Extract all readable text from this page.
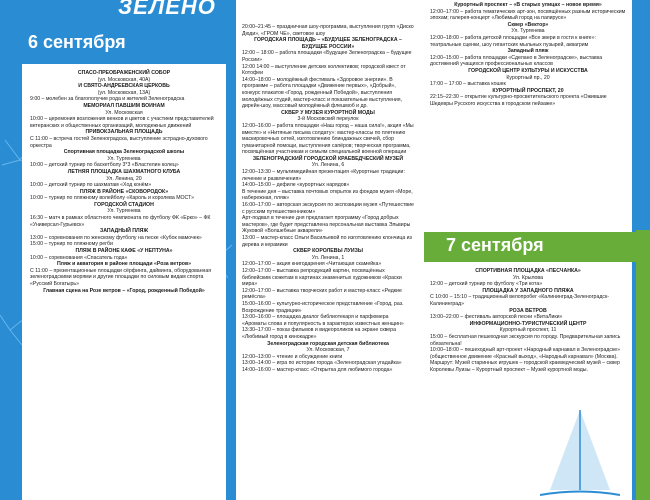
ЗЕЛЕНО
6 сентября

СПАСО-ПРЕОБРАЖЕНСКИЙ СОБОР

(ул. Московская, 40А)

И СВЯТО-АНДРЕЕВСКАЯ ЦЕРКОВЬ

(ул. Московская, 13А)

9:00 – молебен за благополучие рода и жителей Зеленоградска

МЕМОРИАЛ ПАВШИМ ВОИНАМ

Ул. Московская

10:00 – церемония возложения венков и цветов с участием представителей ветеранских и общественных организаций, молодежных движений

ПРИВОКЗАЛЬНАЯ ПЛОЩАДЬ

С 11:00 – встреча гостей Зеленоградска, выступление эстрадно-духового оркестра

Спортивная площадка Зеленоградской школы

Ул. Тургенева

10:00 – детский турнир по баскетболу 3*3 «Властелин колец»

ЛЕТНЯЯ ПЛОЩАДКА ШАХМАТНОГО КЛУБА

Ул. Ленина, 20

10:00 – детский турнир по шахматам «Ход конём»

ПЛЯЖ В РАЙОНЕ «СКОВОРОДОК»

10:00 – турнир по пляжному волейболу «Кароль и королева МОСТ»

ГОРОДСКОЙ СТАДИОН

Ул. Тургенева

16:30 – матч в рамках областного чемпионата по футболу ФК «Ерко» – ФК «Универсал-Гурьевск»

ЗАПАДНЫЙ ПЛЯЖ

13:00 – соревнования по женскому футболу на песке «Кубок мамочек»

15:00 – турнир по пляжному регби

ПЛЯЖ В РАЙОНЕ КАФЕ «У НЕПТУНА»

10:00 – соревнования «Спасатель года»

Пляж и акватория в районе площади «Роза ветров»

С 11:00 – презентационные площадки сёрфинга, дайвинга, оборудованная зеленоградскими морями и другие площадки по силовым видам спорта «Русский Богатырь»

Главная сцена на Розе ветров – «Город, рожденный Победой»

20:00–21:45 – праздничная шоу-программа, выступления групп «Диско Дюди», «ГРОМ ЧЕ», световое шоу

ГОРОДСКАЯ ПЛОЩАДЬ – «БУДУЩЕЕ ЗЕЛЕНОГРАДСКА – БУДУЩЕЕ РОССИИ»

12:00 – 18:00 – работа площадки «Будущее Зеленоградска – будущее России»

12:00 14:00 – выступление детских коллективов; городской квест от Котофеи

14:00–18:00 – молодёжный фестиваль «Здоровое энергии». В программе – работа площадки «Движение первых», «Добрый», конкурс плакатов «Город, рожденный Победой», выступления молодёжных студий, мастер-класс и показательные выступления, дирейн-шоу, массовый молодёжный флешмоб и др.

СКВЕР У МУЗЕЯ КУРОРТНОЙ МОДЫ

3-й Московский переулок

12:00–16:00 – работа площадки «Наш город – наша сила!», акция «Мы вместе» и «Нитяные письма солдату»: мастер-классы по плетению маскировочных сетей, изготовлению блиндажных свечей, сбор гуманитарной помощи, выступления сапёров; творческая программа, посвящённая участникам и семьям специальной военной операции

ЗЕЛЕНОГРАДСКИЙ ГОРОДСКОЙ КРАЕВЕДЧЕСКИЙ МУЗЕЙ

Ул. Ленина, 6

12:00–13:30 – мультимедийная презентация «Курортные традиции: лечение и развлечения»

14:00–15:00 – дефиле «курортных нарядов»

В течение дня – выставка почтовых открыток из фондов музея «Море, набережная, пляж»

16:00–17:00 – авторская экскурсия по экспозиции музея «Путешествие с русским путешественником»

Арт-подвал в течение дня предлагает программу «Город добрых мастеров», где будет представлена персональная выставка Эльвиры Жуковой «Волшебные акварели»

13:00 – мастер-класс Ольги Васильевой по изготовлению клончица из дерева и керамики

СКВЕР КОРОЛЕВЫ ЛУИЗЫ

Ул. Ленина, 1

12:00–17:00 – акция книгодарения «Читающая скамейка»

12:00–17:00 – выставка репродукций картин, посвящённых библейским сюжетам в картинах знаменитых художников «Краски мира»

12:00–17:00 – выставка творческих работ и мастер-класс «Редкие ремёсла»

15:00–16:00 – культурно-историческое представление «Город, раз. Возрождение традиции»

13:00–16:00 – площадка диалог библиотекаря и парфюмера «Ароматы слова и популярность в характерах известных женщин»

13:30–17:00 – показ фильмов и видеороликов на экране сквера «Любимый город в кинокадре»

Зеленоградская городская детская библиотека

Ул. Московская, 7

12:00–13:00 – чтение и обсуждение книги

13:00–14:00 – игра по истории города «Зеленоградская угадайка»

14:00–16:00 – мастер-класс «Открытка для любимого города»

Курортный проспект – «В старых улицах – новое время»

12:00–17:00 – работа тематических арт-зон, посвящённых разным историческим эпохам; галерея-концерт «Любимый город на папирусе»

Сквер «Вектор»

Ул. Тургенева

12:00–18:00 – работа детской площадки «Все звери в гости к книге»: театральные сценки, шоу гигантских мыльных пузырей, аквагрим

Западный пляж

12:00–15:00 – работа площадки «Сделано в Зеленоградске», выставка достижений учащихся профессиональных классов

ГОРОДСКОЙ ЦЕНТР КУЛЬТУРЫ И ИСКУССТВА

Курортный пр., 20

17:00 – 17:00 – выставка кошек

КУРОРТНЫЙ ПРОСПЕКТ, 20

22:15–22:30 – открытие культурно-просветительского проекта «Ожившие Шедевры Русского искусства в городском пейзаже»

7 сентября

СПОРТИВНАЯ ПЛОЩАДКА «ПЕСЧАНКА»

Ул. Крылова

12:00 – детский турнир по футболу «Три кота»

ПЛОЩАДКА У ЗАПАДНОГО ПЛЯЖА

С 10:00 – 15:10 – традиционный велопробег «Калининград-Зеленоградск-Калининград»

РОЗА ВЕТРОВ

13:00–22:00 – фестиваль авторской песни «ВитаЛики»

ИНФОРМАЦИОННО-ТУРИСТИЧЕСКИЙ ЦЕНТР

Курортный проспект, 11

15:00 – бесплатная пешеходная экскурсия по городу. Предварительная запись обязательна!

10:00–18:00 – пешеходный арт-проект «Народный карнавал в Зеленоградске» (общественное движение «Красный выход», «Народный карнавал» (Москва). Маршрут: Музей старинных игрушек – городской краеведческий музей – сквер Королевы Луизы – Курортный проспект – Музей курортной моды.
